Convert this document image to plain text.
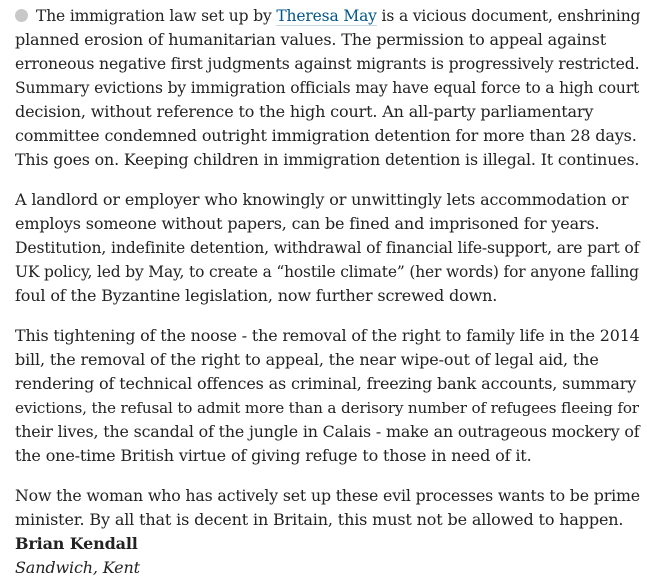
The immigration law set up by Theresa May is a vicious document, enshrining
planned erosion of humanitarian values. The permission to appeal against
erroneous negative first judgments against migrants is progressively restricted.
Summary evictions by immigration officials may have equal force to a high court
decision, without reference to the high court. An all-party parliamentary
committee condemned outright immigration detention for more than 28 days.
This goes on. Keeping children in immigration detention is illegal. It continues.

A landlord or employer who knowingly or unwittingly lets accommodation or
employs someone without papers, can be fined and imprisoned for years.
Destitution, indefinite detention, withdrawal of financial life-support, are part of
UK policy, led by May, to create a “hostile climate” (her words) for anyone falling
foul of the Byzantine legislation, now further screwed down.

This tightening of the noose - the removal of the right to family life in the 2014
bill, the removal of the right to appeal, the near wipe-out of legal aid, the
rendering of technical offences as criminal, freezing bank accounts, summary
evictions, the refusal to admit more than a derisory number of refugees fleeing for
their lives, the scandal of the jungle in Calais - make an outrageous mockery of
the one-time British virtue of giving refuge to those in need of it.

Now the woman who has actively set up these evil processes wants to be prime
minister. By all that is decent in Britain, this must not be allowed to happen.

Brian Kendall
Sandwich, Kent
